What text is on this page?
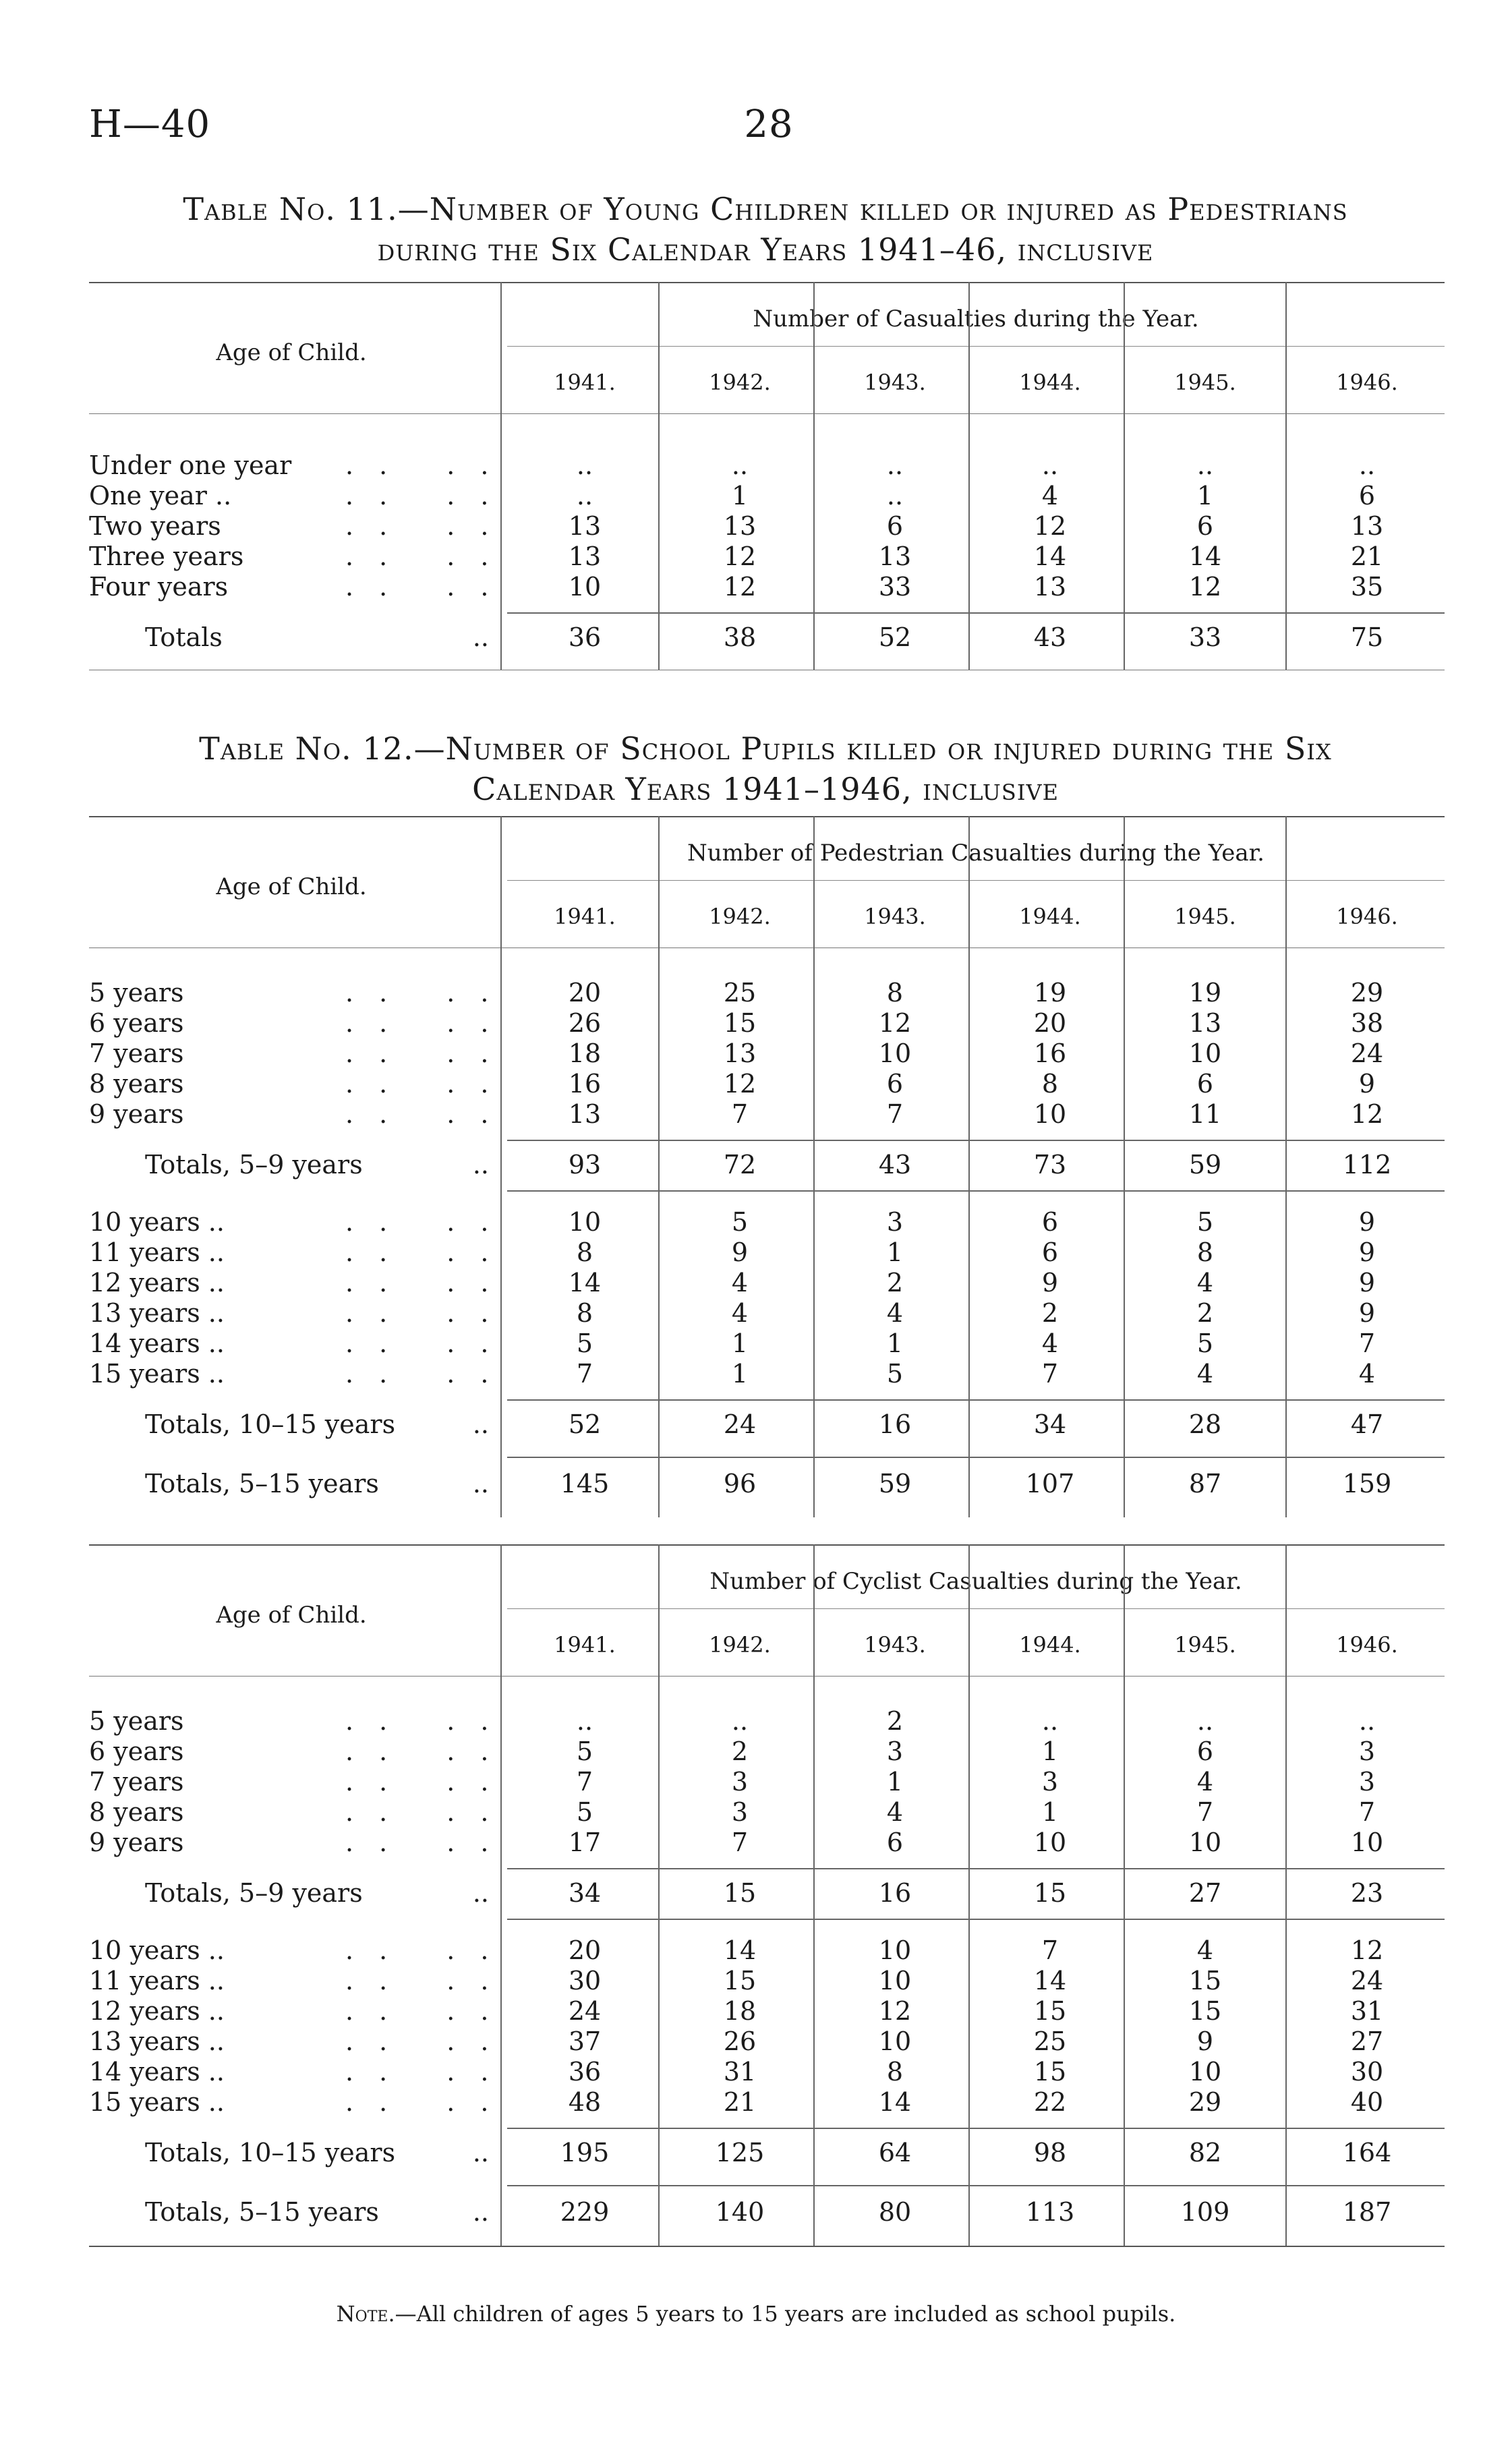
H—40	28
Table No. 11.—Number of Young Children killed or injured as Pedestrians
during the Six Calendar Years 1941–46, inclusive
Table No. 12.—Number of School Pupils killed or injured during the Six
Calendar Years 1941–1946, inclusive
Note.—All children of ages 5 years to 15 years are included as school pupils.
Age of Child.
Number of Casualties during the Year.
1941.	1942.	1943.	1944.	1945.	1946.
Under one year .. ..	..	..	..	..	..	..
One year ..	.. ..	..	1	..	4	1	6
Two years	.. ..	13	13	6	12	6	13
Three years	.. ..	13	12	13	14	14	21
Four years	.. ..	10	12	33	13	12	35
Totals	..	36	38	52	43	33	75
Age of Child.
Number of Pedestrian Casualties during the Year.
1941.	1942.	1943.	1944.	1945.	1946.
5 years	.. ..	20	25	8	19	19	29
6 years	.. ..	26	15	12	20	13	38
7 years	.. ..	18	13	10	16	10	24
8 years	.. ..	16	12	6	8	6	9
9 years	.. ..	13	7	7	10	11	12
Totals, 5–9 years	..	93	72	43	73	59	112
10 years ..	.. ..	10	5	3	6	5	9
11 years ..	.. ..	8	9	1	6	8	9
12 years ..	.. ..	14	4	2	9	4	9
13 years ..	.. ..	8	4	4	2	2	9
14 years ..	.. ..	5	1	1	4	5	7
15 years ..	.. ..	7	1	5	7	4	4
Totals, 10–15 years	..	52	24	16	34	28	47
Totals, 5–15 years	..	145	96	59	107	87	159
Age of Child.
Number of Cyclist Casualties during the Year.
1941.	1942.	1943.	1944.	1945.	1946.
5 years	.. ..	..	..	2	..	..	..
6 years	.. ..	5	2	3	1	6	3
7 years	.. ..	7	3	1	3	4	3
8 years	.. ..	5	3	4	1	7	7
9 years	.. ..	17	7	6	10	10	10
Totals, 5–9 years	..	34	15	16	15	27	23
10 years ..	.. ..	20	14	10	7	4	12
11 years ..	.. ..	30	15	10	14	15	24
12 years ..	.. ..	24	18	12	15	15	31
13 years ..	.. ..	37	26	10	25	9	27
14 years ..	.. ..	36	31	8	15	10	30
15 years ..	.. ..	48	21	14	22	29	40
Totals, 10–15 years	..	195	125	64	98	82	164
Totals, 5–15 years	..	229	140	80	113	109	187
